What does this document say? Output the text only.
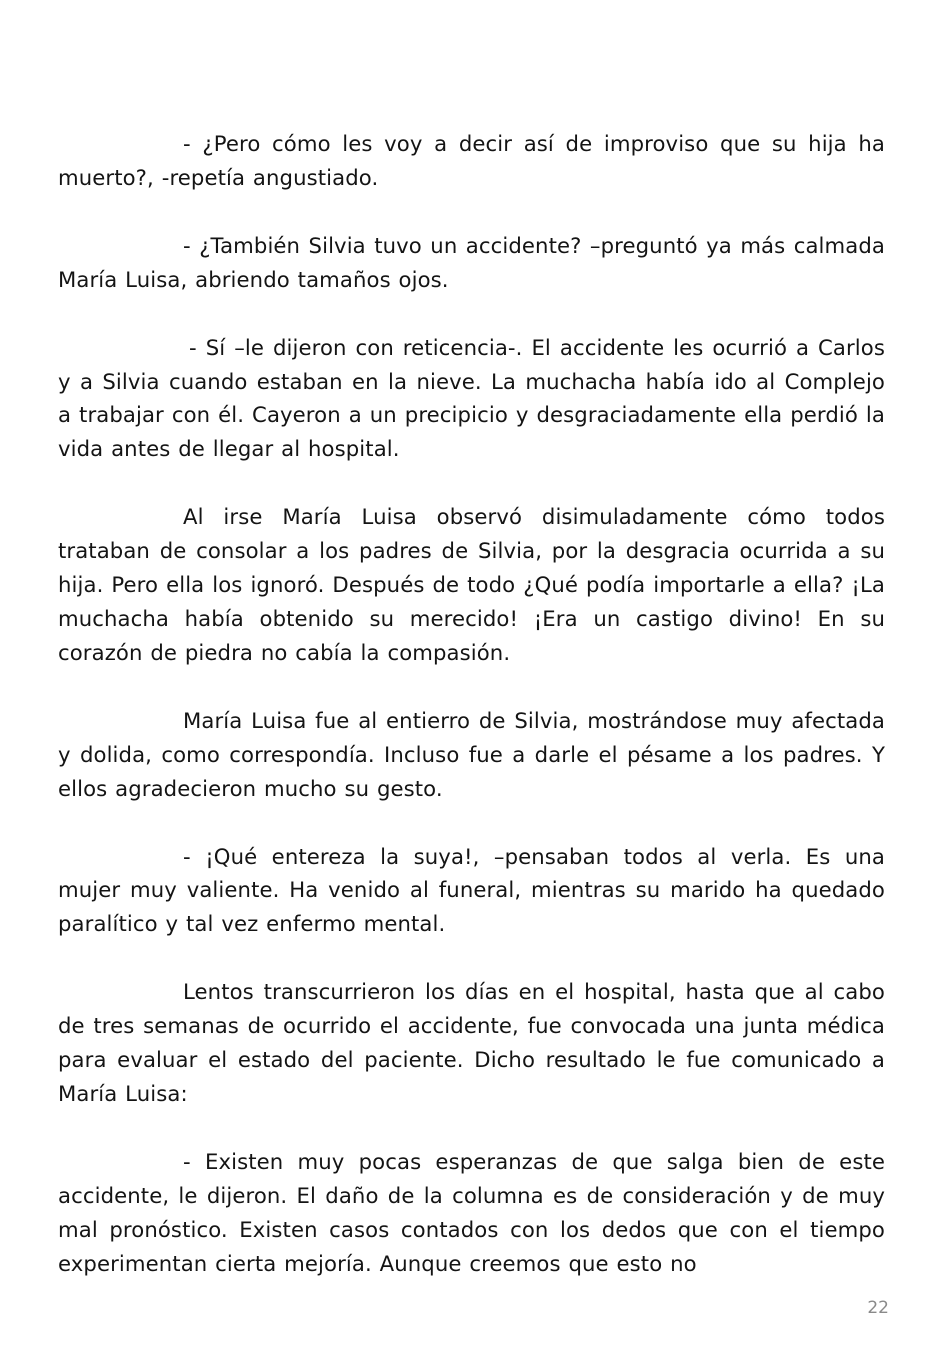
- ¿Pero cómo les voy a decir así de improviso que su hija ha muerto?, -repetía angustiado.

- ¿También Silvia tuvo un accidente? –preguntó ya más calmada María Luisa, abriendo tamaños ojos.

- Sí –le dijeron con reticencia-. El accidente les ocurrió a Carlos y a Silvia cuando estaban en la nieve. La muchacha había ido al Complejo a trabajar con él. Cayeron a un precipicio y desgraciadamente ella perdió la vida antes de llegar al hospital.

Al irse María Luisa observó disimuladamente cómo todos trataban de consolar a los padres de Silvia, por la desgracia ocurrida a su hija. Pero ella los ignoró. Después de todo ¿Qué podía importarle a ella? ¡La muchacha había obtenido su merecido! ¡Era un castigo divino! En su corazón de piedra no cabía la compasión.

María Luisa fue al entierro de Silvia, mostrándose muy afectada y dolida, como correspondía. Incluso fue a darle el pésame a los padres. Y ellos agradecieron mucho su gesto.

- ¡Qué entereza la suya!, –pensaban todos al verla. Es una mujer muy valiente. Ha venido al funeral, mientras su marido ha quedado paralítico y tal vez enfermo mental.

Lentos transcurrieron los días en el hospital, hasta que al cabo de tres semanas de ocurrido el accidente, fue convocada una junta médica para evaluar el estado del paciente. Dicho resultado le fue comunicado a María Luisa:

- Existen muy pocas esperanzas de que salga bien de este accidente, le dijeron. El daño de la columna es de consideración y de muy mal pronóstico. Existen casos contados con los dedos que con el tiempo experimentan cierta mejoría. Aunque creemos que esto no

22
